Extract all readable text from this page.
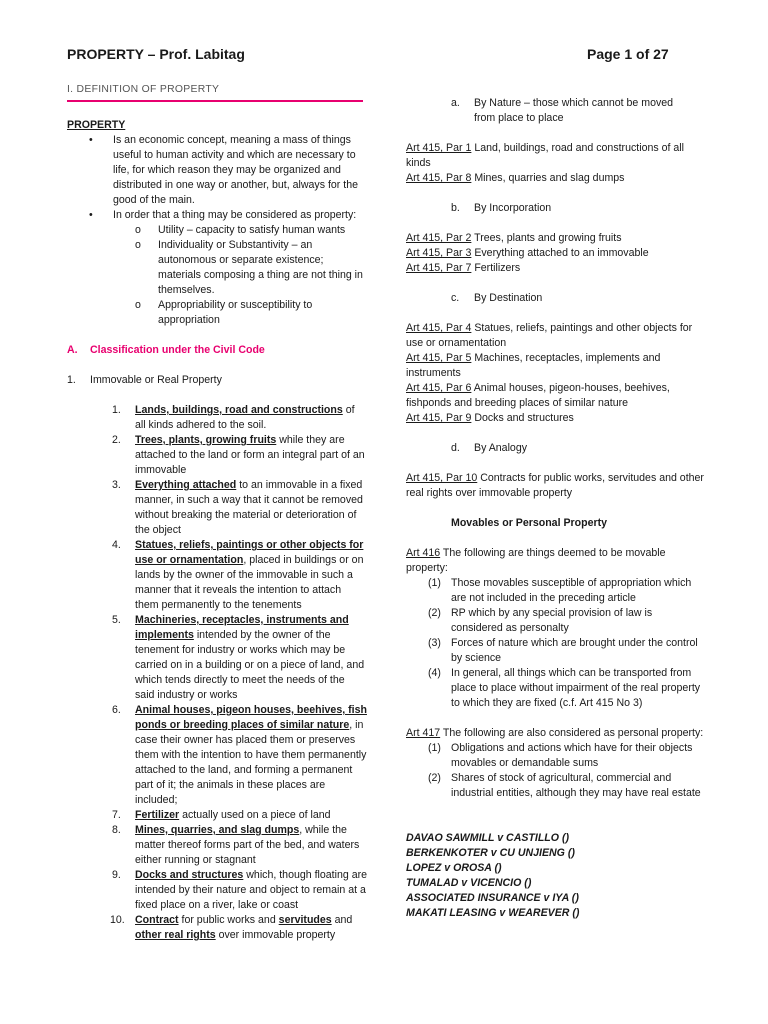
PROPERTY – Prof. Labitag	Page 1 of 27
I. DEFINITION OF PROPERTY
PROPERTY
• Is an economic concept, meaning a mass of things useful to human activity and which are necessary to life, for which reason they may be organized and distributed in one way or another, but, always for the good of the main.
• In order that a thing may be considered as property:
o Utility – capacity to satisfy human wants
o Individuality or Substantivity – an autonomous or separate existence; materials composing a thing are not thing in themselves.
o Appropriability or susceptibility to appropriation
A. Classification under the Civil Code
1. Immovable or Real Property
1. Lands, buildings, road and constructions of all kinds adhered to the soil.
2. Trees, plants, growing fruits while they are attached to the land or form an integral part of an immovable
3. Everything attached to an immovable in a fixed manner, in such a way that it cannot be removed without breaking the material or deterioration of the object
4. Statues, reliefs, paintings or other objects for use or ornamentation, placed in buildings or on lands by the owner of the immovable in such a manner that it reveals the intention to attach them permanently to the tenements
5. Machineries, receptacles, instruments and implements intended by the owner of the tenement for industry or works which may be carried on in a building or on a piece of land, and which tends directly to meet the needs of the said industry or works
6. Animal houses, pigeon houses, beehives, fish ponds or breeding places of similar nature, in case their owner has placed them or preserves them with the intention to have them permanently attached to the land, and forming a permanent part of it; the animals in these places are included;
7. Fertilizer actually used on a piece of land
8. Mines, quarries, and slag dumps, while the matter thereof forms part of the bed, and waters either running or stagnant
9. Docks and structures which, though floating are intended by their nature and object to remain at a fixed place on a river, lake or coast
10. Contract for public works and servitudes and other real rights over immovable property
a. By Nature – those which cannot be moved from place to place
Art 415, Par 1 Land, buildings, road and constructions of all kinds
Art 415, Par 8 Mines, quarries and slag dumps
b. By Incorporation
Art 415, Par 2 Trees, plants and growing fruits
Art 415, Par 3 Everything attached to an immovable
Art 415, Par 7 Fertilizers
c. By Destination
Art 415, Par 4 Statues, reliefs, paintings and other objects for use or ornamentation
Art 415, Par 5 Machines, receptacles, implements and instruments
Art 415, Par 6 Animal houses, pigeon-houses, beehives, fishponds and breeding places of similar nature
Art 415, Par 9 Docks and structures
d. By Analogy
Art 415, Par 10 Contracts for public works, servitudes and other real rights over immovable property
Movables or Personal Property
Art 416 The following are things deemed to be movable property:
(1) Those movables susceptible of appropriation which are not included in the preceding article
(2) RP which by any special provision of law is considered as personalty
(3) Forces of nature which are brought under the control by science
(4) In general, all things which can be transported from place to place without impairment of the real property to which they are fixed (c.f. Art 415 No 3)
Art 417 The following are also considered as personal property:
(1) Obligations and actions which have for their objects movables or demandable sums
(2) Shares of stock of agricultural, commercial and industrial entities, although they may have real estate
DAVAO SAWMILL v CASTILLO ()
BERKENKOTER v CU UNJIENG ()
LOPEZ v OROSA ()
TUMALAD v VICENCIO ()
ASSOCIATED INSURANCE v IYA ()
MAKATI LEASING v WEAREVER ()
